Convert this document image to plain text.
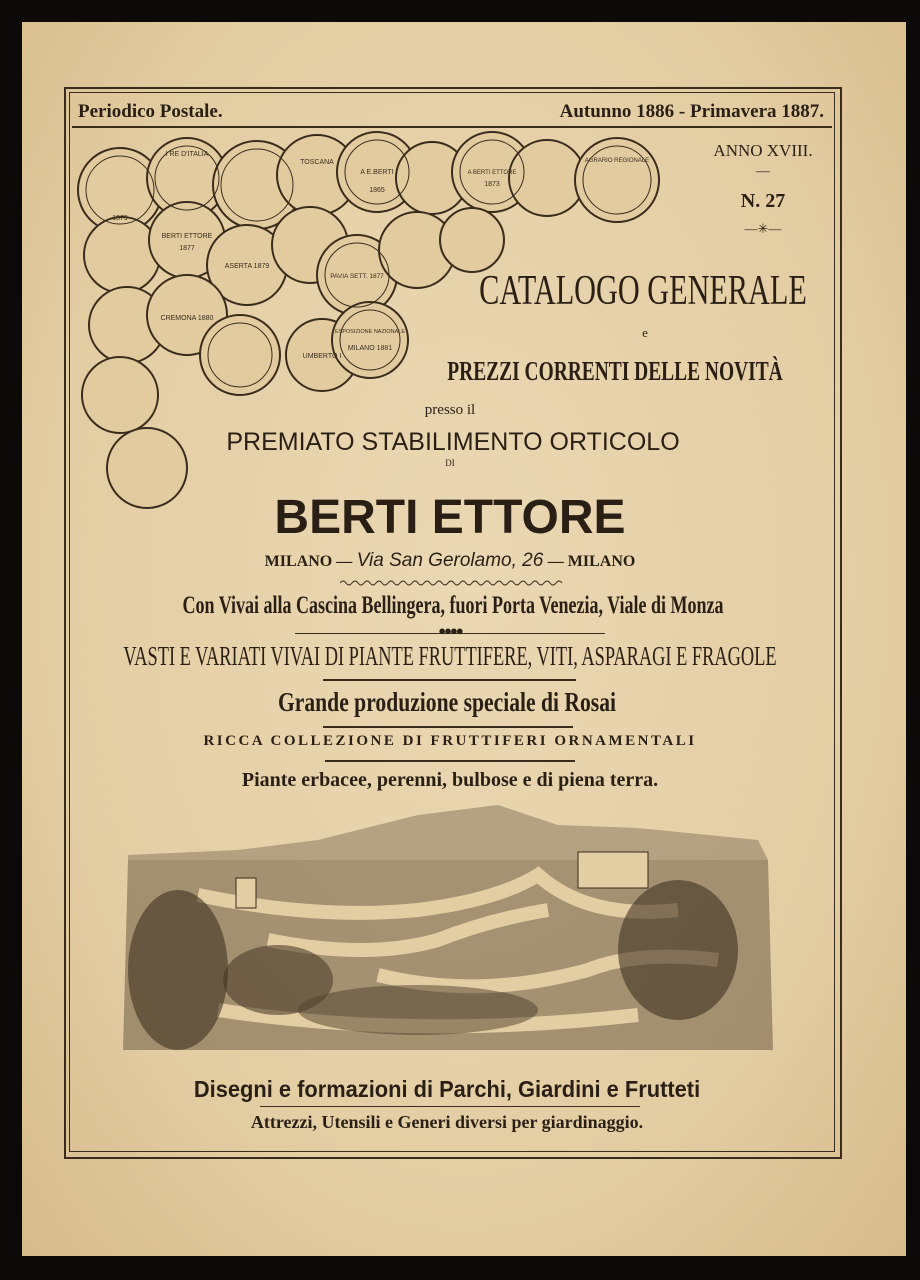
Periodico Postale.	Autunno 1886 - Primavera 1887.
I RE D'ITALIA
A E.BERTI
1865
A BERTI ETTORE
1873
BERTI ETTORE
1877
ASERTA 1879
PAVIA SETT. 1877
CREMONA 1880
ESPOSIZIONE NAZIONALE
MILANO 1881
UMBERTO I
TOSCANA	AGRARIO REGIONALE
1879
ANNO XVIII.
—
N. 27
—✳—
CATALOGO GENERALE
e
PREZZI CORRENTI DELLE NOVITÀ
presso il
PREMIATO STABILIMENTO ORTICOLO
DI
BERTI ETTORE
MILANO — Via San Gerolamo, 26 — MILANO
Con Vivai alla Cascina Bellingera, fuori Porta Venezia, Viale di Monza
●●●●
VASTI E VARIATI VIVAI DI PIANTE FRUTTIFERE, VITI, ASPARAGI E FRAGOLE
Grande produzione speciale di Rosai
RICCA COLLEZIONE DI FRUTTIFERI ORNAMENTALI
Piante erbacee, perenni, bulbose e di piena terra.
Disegni e formazioni di Parchi, Giardini e Frutteti
Attrezzi, Utensili e Generi diversi per giardinaggio.
